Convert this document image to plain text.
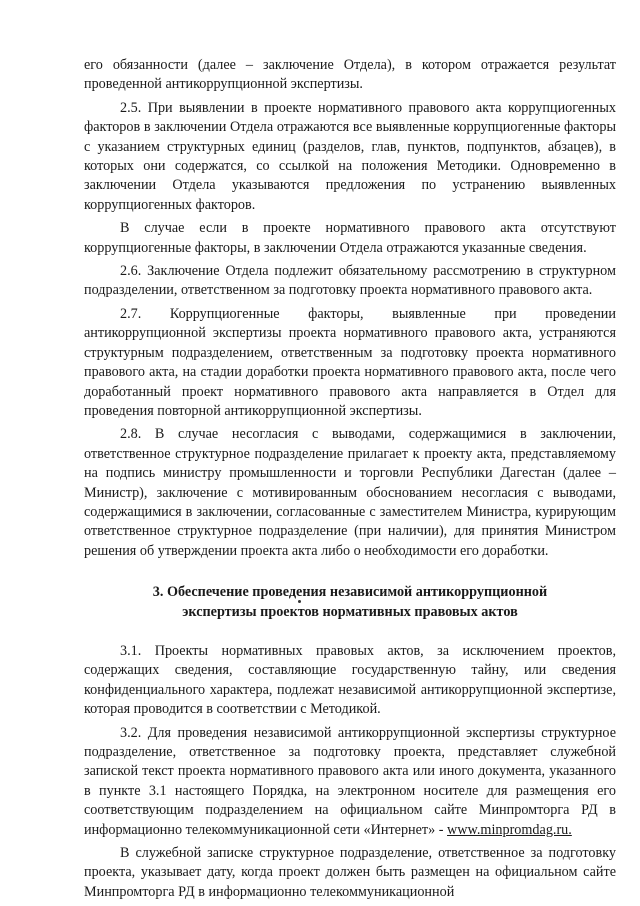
его обязанности (далее – заключение Отдела), в котором отражается результат проведенной антикоррупционной экспертизы.

2.5. При выявлении в проекте нормативного правового акта коррупциогенных факторов в заключении Отдела отражаются все выявленные коррупциогенные факторы с указанием структурных единиц (разделов, глав, пунктов, подпунктов, абзацев), в которых они содержатся, со ссылкой на положения Методики. Одновременно в заключении Отдела указываются предложения по устранению выявленных коррупциогенных факторов.

В случае если в проекте нормативного правового акта отсутствуют коррупциогенные факторы, в заключении Отдела отражаются указанные сведения.

2.6. Заключение Отдела подлежит обязательному рассмотрению в структурном подразделении, ответственном за подготовку проекта нормативного правового акта.

2.7. Коррупциогенные факторы, выявленные при проведении антикоррупционной экспертизы проекта нормативного правового акта, устраняются структурным подразделением, ответственным за подготовку проекта нормативного правового акта, на стадии доработки проекта нормативного правового акта, после чего доработанный проект нормативного правового акта направляется в Отдел для проведения повторной антикоррупционной экспертизы.

2.8. В случае несогласия с выводами, содержащимися в заключении, ответственное структурное подразделение прилагает к проекту акта, представляемому на подпись министру промышленности и торговли Республики Дагестан (далее – Министр), заключение с мотивированным обоснованием несогласия с выводами, содержащимися в заключении, согласованные с заместителем Министра, курирующим ответственное структурное подразделение (при наличии), для принятия Министром решения об утверждении проекта акта либо о необходимости его доработки.

3. Обеспечение проведения независимой антикоррупционной
экспертизы проектов нормативных правовых актов

3.1. Проекты нормативных правовых актов, за исключением проектов, содержащих сведения, составляющие государственную тайну, или сведения конфиденциального характера, подлежат независимой антикоррупционной экспертизе, которая проводится в соответствии с Методикой.

3.2. Для проведения независимой антикоррупционной экспертизы структурное подразделение, ответственное за подготовку проекта, представляет служебной запиской текст проекта нормативного правового акта или иного документа, указанного в пункте 3.1 настоящего Порядка, на электронном носителе для размещения его соответствующим подразделением на официальном сайте Минпромторга РД в информационно телекоммуникационной сети «Интернет» - www.minpromdag.ru.

В служебной записке структурное подразделение, ответственное за подготовку проекта, указывает дату, когда проект должен быть размещен на официальном сайте Минпромторга РД в информационно телекоммуникационной
